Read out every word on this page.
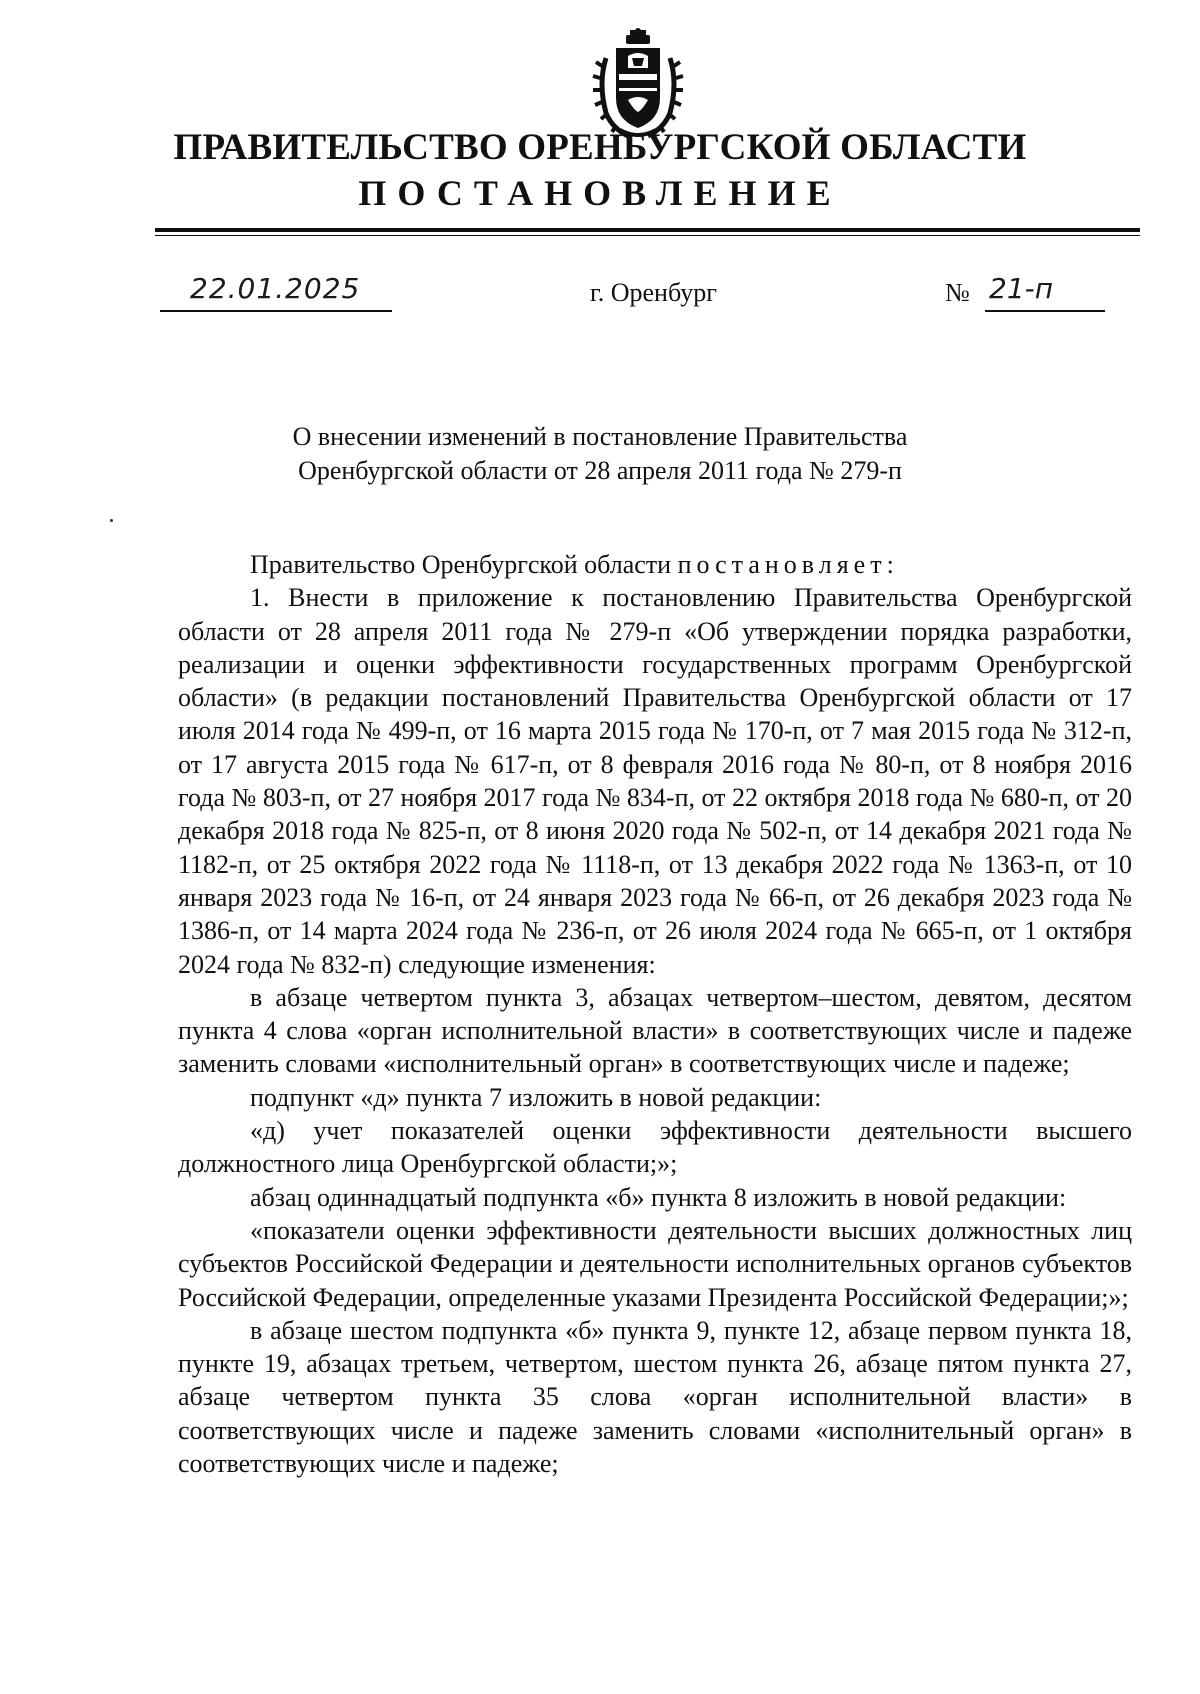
ПРАВИТЕЛЬСТВО ОРЕНБУРГСКОЙ ОБЛАСТИ
ПОСТАНОВЛЕНИЕ
22.01.2025	г. Оренбург	№ 21-п
О внесении изменений в постановление Правительства
Оренбургской области от 28 апреля 2011 года № 279-п

Правительство Оренбургской области постановляет:

1. Внести в приложение к постановлению Правительства Оренбургской области от 28 апреля 2011 года № 279-п «Об утверждении порядка разработки, реализации и оценки эффективности государственных программ Оренбургской области» (в редакции постановлений Правительства Оренбургской области от 17 июля 2014 года № 499-п, от 16 марта 2015 года № 170-п, от 7 мая 2015 года № 312-п, от 17 августа 2015 года № 617-п, от 8 февраля 2016 года № 80-п, от 8 ноября 2016 года № 803-п, от 27 ноября 2017 года № 834-п, от 22 октября 2018 года № 680-п, от 20 декабря 2018 года № 825-п, от 8 июня 2020 года № 502-п, от 14 декабря 2021 года № 1182-п, от 25 октября 2022 года № 1118-п, от 13 декабря 2022 года № 1363-п, от 10 января 2023 года № 16-п, от 24 января 2023 года № 66-п, от 26 декабря 2023 года № 1386-п, от 14 марта 2024 года № 236-п, от 26 июля 2024 года № 665-п, от 1 октября 2024 года № 832-п) следующие изменения:

в абзаце четвертом пункта 3, абзацах четвертом–шестом, девятом, десятом пункта 4 слова «орган исполнительной власти» в соответствующих числе и падеже заменить словами «исполнительный орган» в соответствующих числе и падеже;

подпункт «д» пункта 7 изложить в новой редакции:

«д) учет показателей оценки эффективности деятельности высшего должностного лица Оренбургской области;»;

абзац одиннадцатый подпункта «б» пункта 8 изложить в новой редакции:

«показатели оценки эффективности деятельности высших должностных лиц субъектов Российской Федерации и деятельности исполнительных органов субъектов Российской Федерации, определенные указами Президента Российской Федерации;»;

в абзаце шестом подпункта «б» пункта 9, пункте 12, абзаце первом пункта 18, пункте 19, абзацах третьем, четвертом, шестом пункта 26, абзаце пятом пункта 27, абзаце четвертом пункта 35 слова «орган исполнительной власти» в соответствующих числе и падеже заменить словами «исполнительный орган» в соответствующих числе и падеже;
